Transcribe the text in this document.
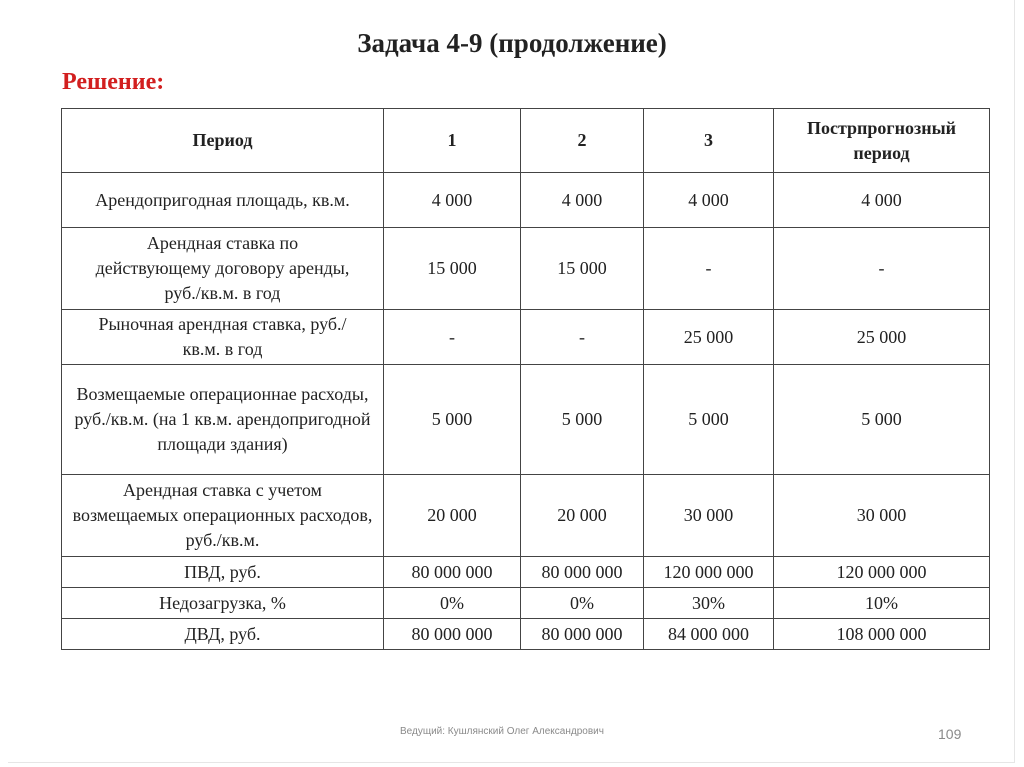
Задача 4-9 (продолжение)
Решение:
Период	1	2	3	Пострпрогнозный период
Арендопригодная площадь, кв.м.	4 000	4 000	4 000	4 000
Арендная ставка по действующему договору аренды, руб./кв.м. в год	15 000	15 000	-	-
Рыночная арендная ставка, руб./кв.м. в год	-	-	25 000	25 000
Возмещаемые операционнае расходы, руб./кв.м. (на 1 кв.м. арендопригодной площади здания)	5 000	5 000	5 000	5 000
Арендная ставка с учетом возмещаемых операционных расходов, руб./кв.м.	20 000	20 000	30 000	30 000
ПВД, руб.	80 000 000	80 000 000	120 000 000	120 000 000
Недозагрузка, %	0%	0%	30%	10%
ДВД, руб.	80 000 000	80 000 000	84 000 000	108 000 000
Ведущий: Кушлянский Олег Александрович	109
